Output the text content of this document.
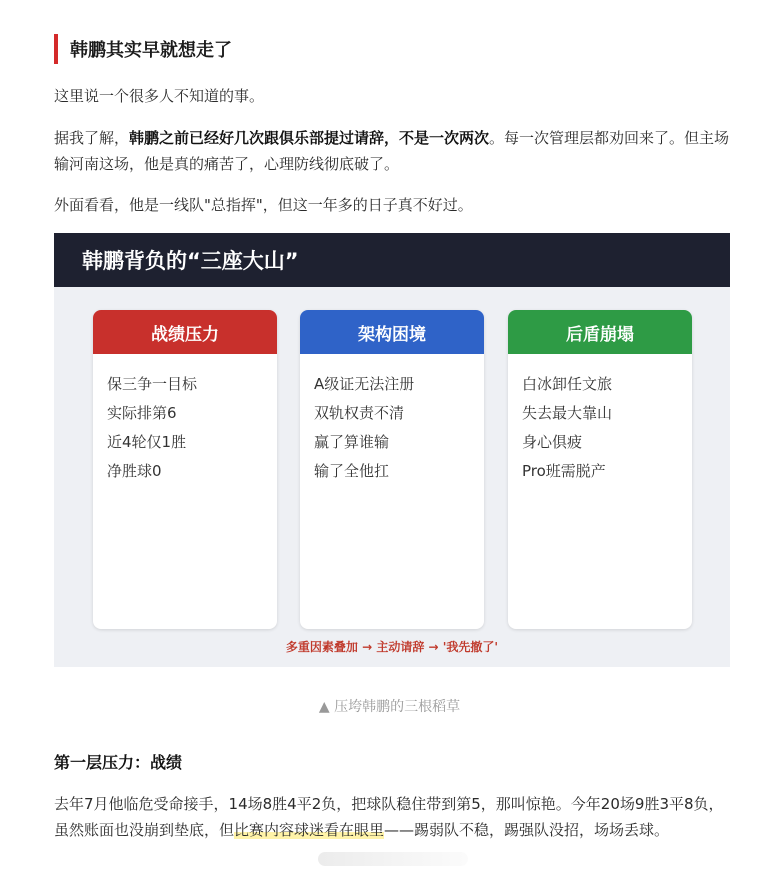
韩鹏其实早就想走了

这里说一个很多人不知道的事。

据我了解，韩鹏之前已经好几次跟俱乐部提过请辞，不是一次两次。每一次管理层都劝回来了。但主场输河南这场，他是真的痛苦了，心理防线彻底破了。

外面看看，他是一线队"总指挥"，但这一年多的日子真不好过。

韩鹏背负的“三座大山”
战绩压力
保三争一目标
实际排第6
近4轮仅1胜
净胜球0
架构困境
A级证无法注册
双轨权责不清
赢了算谁输
输了全他扛
后盾崩塌
白冰卸任文旅
失去最大靠山
身心俱疲
Pro班需脱产
多重因素叠加 → 主动请辞 → '我先撤了'
▲ 压垮韩鹏的三根稻草
第一层压力：战绩

去年7月他临危受命接手，14场8胜4平2负，把球队稳住带到第5，那叫惊艳。今年20场9胜3平8负，虽然账面也没崩到垫底，但比赛内容球迷看在眼里——踢弱队不稳，踢强队没招，场场丢球。
